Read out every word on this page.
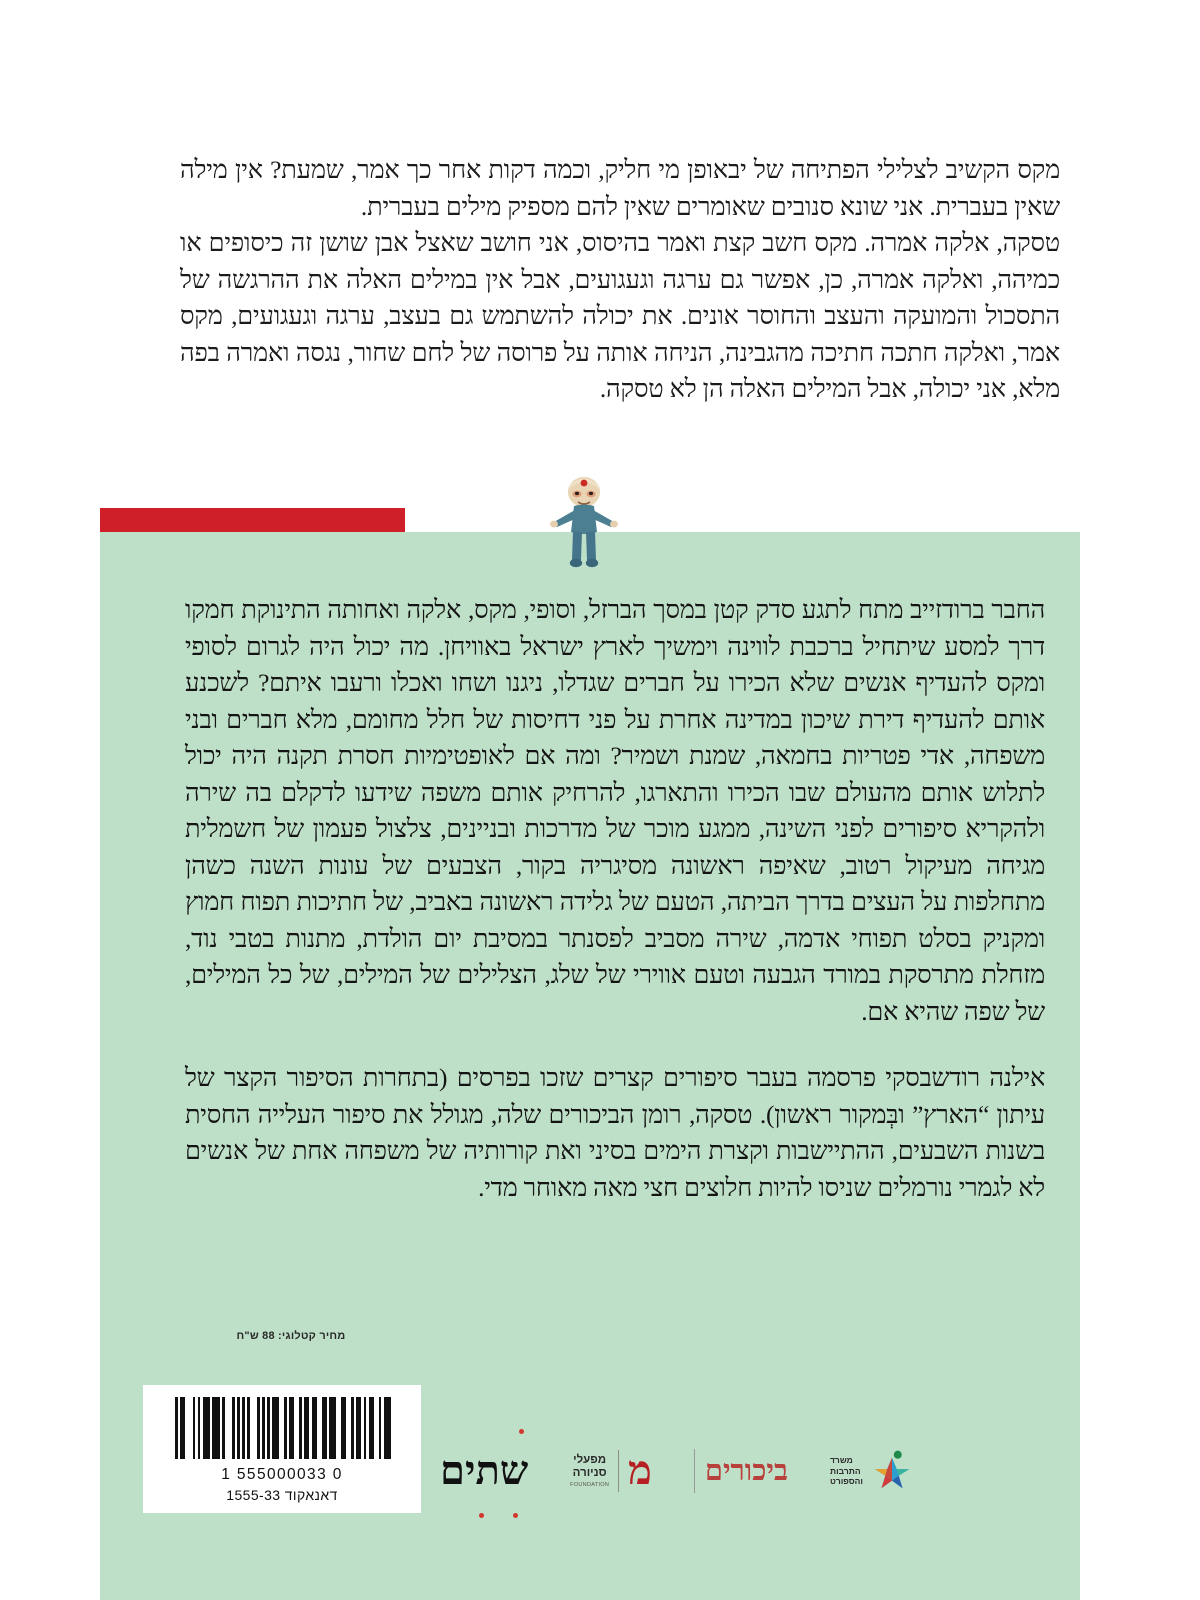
מקס הקשיב לצלילי הפתיחה של יבאופן מי חליק, וכמה דקות אחר כך אמר, שמעת? אין מילה שאין בעברית. אני שונא סנובים שאומרים שאין להם מספיק מילים בעברית.

טסקה, אלקה אמרה. מקס חשב קצת ואמר בהיסוס, אני חושב שאצל אבן שושן זה כיסופים או כמיהה, ואלקה אמרה, כן, אפשר גם ערגה וגעגועים, אבל אין במילים האלה את ההרגשה של התסכול והמועקה והעצב והחוסר אונים. את יכולה להשתמש גם בעצב, ערגה וגעגועים, מקס אמר, ואלקה חתכה חתיכה מהגבינה, הניחה אותה על פרוסה של לחם שחור, נגסה ואמרה בפה מלא, אני יכולה, אבל המילים האלה הן לא טסקה.

החבר ברודזייב מתח לתגע סדק קטן במסך הברזל, וסופי, מקס, אלקה ואחותה התינוקת חמקו דרך למסע שיתחיל ברכבת לווינה וימשיך לארץ ישראל באוויחן. מה יכול היה לגרום לסופי ומקס להעדיף אנשים שלא הכירו על חברים שגדלו, ניגנו ושחו ואכלו ורעבו איתם? לשכנע אותם להעדיף דירת שיכון במדינה אחרת על פני דחיסות של חלל מחומם, מלא חברים ובני משפחה, אדי פטריות בחמאה, שמנת ושמיר? ומה אם לאופטימיות חסרת תקנה היה יכול לתלוש אותם מהעולם שבו הכירו והתארגו, להרחיק אותם משפה שידעו לדקלם בה שירה ולהקריא סיפורים לפני השינה, ממגע מוכר של מדרכות ובניינים, צלצול פעמון של חשמלית מגיחה מעיקול רטוב, שאיפה ראשונה מסיגריה בקור, הצבעים של עונות השנה כשהן מתחלפות על העצים בדרך הביתה, הטעם של גלידה ראשונה באביב, של חתיכות תפוח חמוץ ומקניק בסלט תפוחי אדמה, שירה מסביב לפסנתר במסיבת יום הולדת, מתנות בטבי נוד, מזחלת מתרסקת במורד הגבעה וטעם אווירי של שלג, הצלילים של המילים, של כל המילים, של שפה שהיא אם.

אילנה רודשבסקי פרסמה בעבר סיפורים קצרים שזכו בפרסים (בתחרות הסיפור הקצר של עיתון “הארץ” ובְּמקור ראשון). טסקה, רומן הביכורים שלה, מגולל את סיפור העלייה החסית בשנות השבעים, ההתיישבות וקצרת הימים בסיני ואת קורותיה של משפחה אחת של אנשים לא לגמרי נורמלים שניסו להיות חלוצים חצי מאה מאוחר מדי.

מחיר קטלוגי: 88 ש"ח
1 555000033 0
דאנאקוד 1555-33
שתים מ
מפעלי
סניורה
FOUNDATION	ביכורים	משרד
התרבות
והספורט
